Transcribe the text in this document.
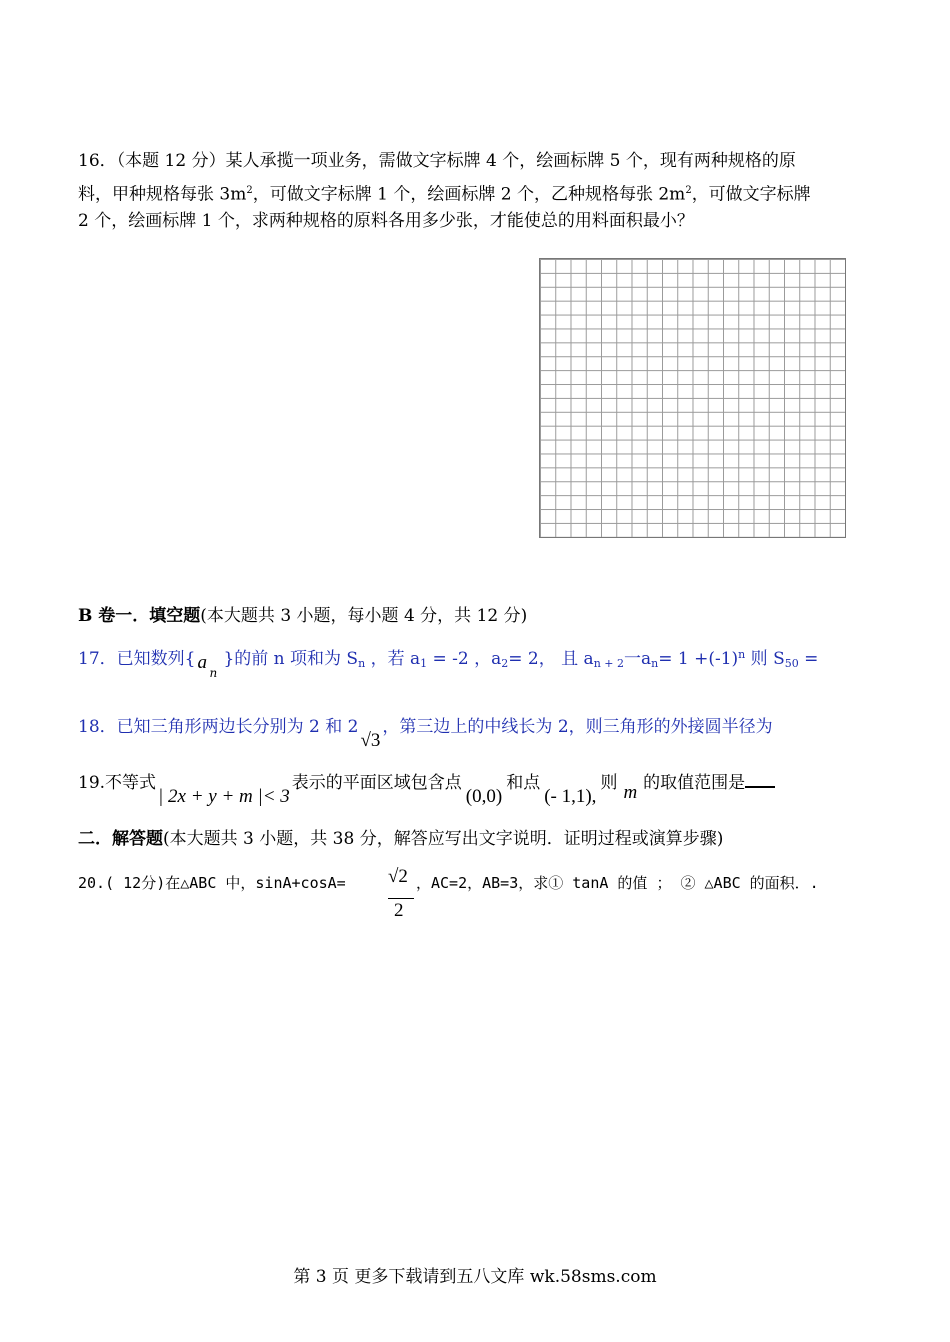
16．（本题 12 分）某人承揽一项业务，需做文字标牌 4 个，绘画标牌 5 个，现有两种规格的原
料，甲种规格每张 $3m^2$，可做文字标牌 1 个，绘画标牌 2 个，乙种规格每张 $2m^2$，可做文字标牌
2 个，绘画标牌 1 个，求两种规格的原料各用多少张，才能使总的用料面积最小？
B 卷一．填空题(本大题共 3 小题，每小题 4 分，共 12 分)
17．已知数列{ a n
}的前 n 项和为 Sn ，若 a1 = -2 ，a2= 2， 且 an + 2一$an= 1 +(-1)^n$ 则 S50 =
18．已知三角形两边长分别为 2 和 2√3，第三边上的中线长为 2，则三角形的外接圆半径为
19.不等式| 2x + y + m |< 3表示的平面区域包含点(0,0)和点(- 1,1),则 m 的取值范围是
二．解答题(本大题共 3 小题，共 38 分，解答应写出文字说明．证明过程或演算步骤)
20.( 12分)在△ABC 中，sinA+cosA= √2
2
，AC=2，AB=3，求① tanA 的值 ； ② △ABC 的面积．.
第 3 页 更多下载请到五八文库 wk.58sms.com
